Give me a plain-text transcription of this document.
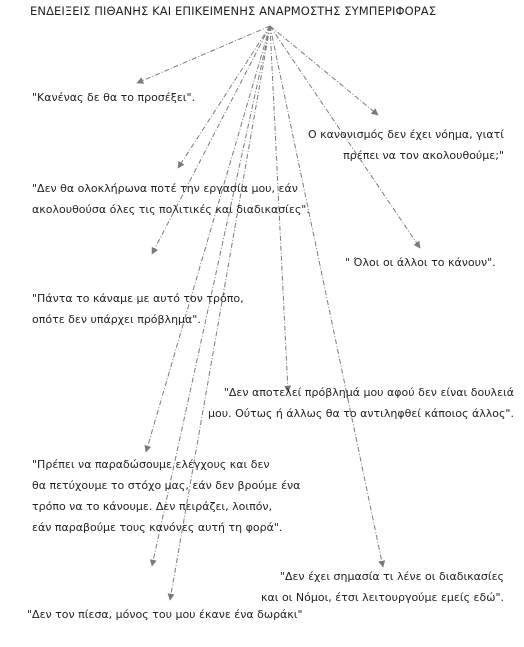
ΕΝΔΕΙΞΕΙΣ ΠΙΘΑΝΗΣ ΚΑΙ ΕΠΙΚΕΙΜΕΝΗΣ ΑΝΑΡΜΟΣΤΗΣ ΣΥΜΠΕΡΙΦΟΡΑΣ
"Κανένας δε θα το προσέξει".
Ο κανονισμός δεν έχει νόημα, γιατί
πρέπει να τον ακολουθούμε;"
"Δεν θα ολοκλήρωνα ποτέ την εργασία μου, εάν
ακολουθούσα όλες τις πολιτικές και διαδικασίες".
" Όλοι οι άλλοι το κάνουν".
"Πάντα το κάναμε με αυτό τον τρόπο,
οπότε δεν υπάρχει πρόβλημα".
"Δεν αποτελεί πρόβλημά μου αφού δεν είναι δουλειά
μου. Ούτως ή άλλως θα το αντιληφθεί κάποιος άλλος".
"Πρέπει να παραδώσουμε ελέγχους και δεν
θα πετύχουμε το στόχο μας, εάν δεν βρούμε ένα
τρόπο να το κάνουμε. Δεν πειράζει, λοιπόν,
εάν παραβούμε τους κανόνες αυτή τη φορά".
"Δεν έχει σημασία τι λένε οι διαδικασίες
και οι Νόμοι, έτσι λειτουργούμε εμείς εδώ".
"Δεν τον πίεσα, μόνος του μου έκανε ένα δωράκι"
